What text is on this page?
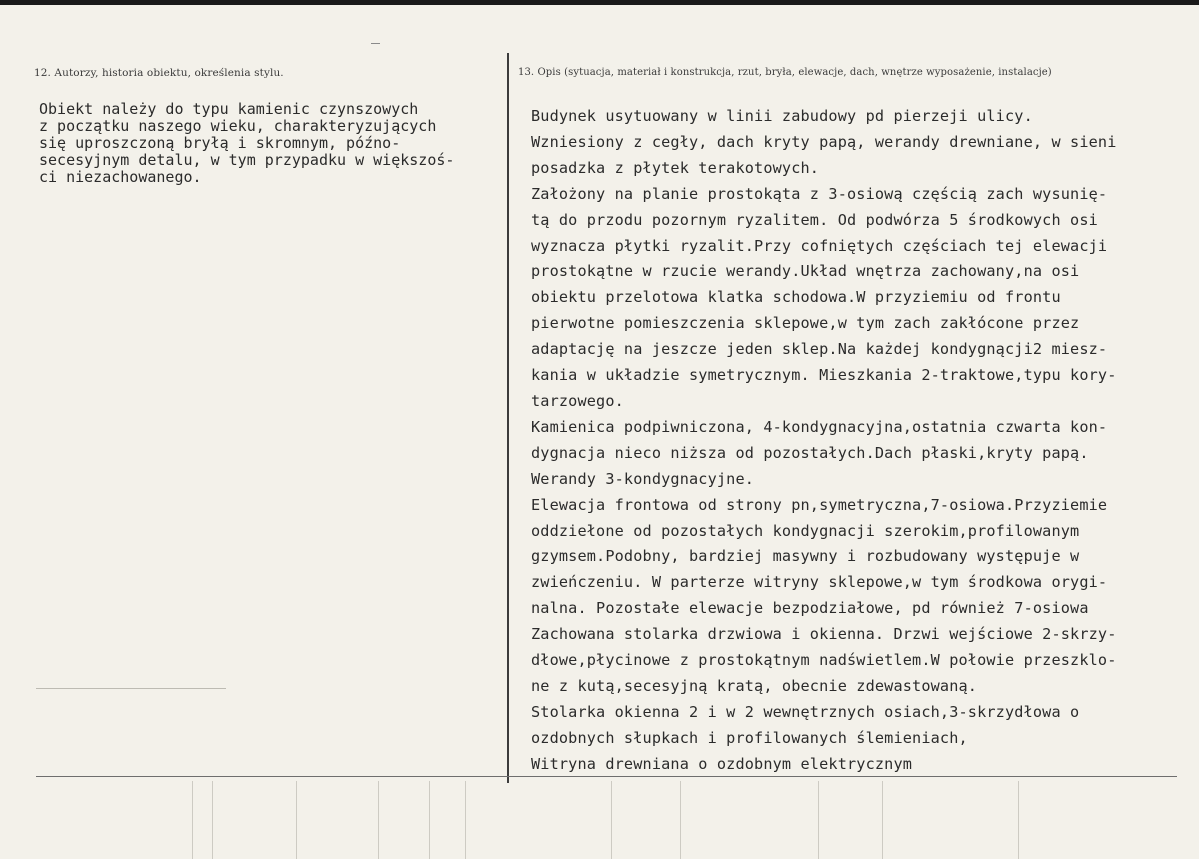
12. Autorzy, historia obiektu, określenia stylu.	13. Opis (sytuacja, materiał i konstrukcja, rzut, bryła, elewacje, dach, wnętrze wyposażenie, instalacje)
Obiekt należy do typu kamienic czynszowych
z początku naszego wieku, charakteryzujących
się uproszczoną bryłą i skromnym, późno-
secesyjnym detalu, w tym przypadku w większoś-
ci niezachowanego.
Budynek usytuowany w linii zabudowy pd pierzeji ulicy.
Wzniesiony z cegły, dach kryty papą, werandy drewniane, w sieni
posadzka z płytek terakotowych.
Założony na planie prostokąta z 3-osiową częścią zach wysunię-
tą do przodu pozornym ryzalitem. Od podwórza 5 środkowych osi
wyznacza płytki ryzalit.Przy cofniętych częściach tej elewacji
prostokątne w rzucie werandy.Układ wnętrza zachowany,na osi
obiektu przelotowa klatka schodowa.W przyziemiu od frontu
pierwotne pomieszczenia sklepowe,w tym zach zakłócone przez
adaptację na jeszcze jeden sklep.Na każdej kondygnącji2 miesz-
kania w układzie symetrycznym. Mieszkania 2-traktowe,typu kory-
tarzowego.
Kamienica podpiwniczona, 4-kondygnacyjna,ostatnia czwarta kon-
dygnacja nieco niższa od pozostałych.Dach płaski,kryty papą.
Werandy 3-kondygnacyjne.
Elewacja frontowa od strony pn,symetryczna,7-osiowa.Przyziemie
oddziełone od pozostałych kondygnacji szerokim,profilowanym
gzymsem.Podobny, bardziej masywny i rozbudowany występuje w
zwieńczeniu. W parterze witryny sklepowe,w tym środkowa orygi-
nalna. Pozostałe elewacje bezpodziałowe, pd również 7-osiowa
Zachowana stolarka drzwiowa i okienna. Drzwi wejściowe 2-skrzy-
dłowe,płycinowe z prostokątnym nadświetlem.W połowie przeszklo-
ne z kutą,secesyjną kratą, obecnie zdewastowaną.
Stolarka okienna 2 i w 2 wewnętrznych osiach,3-skrzydłowa o
ozdobnych słupkach i profilowanych ślemieniach,
Witryna drewniana o ozdobnym elektrycznym
